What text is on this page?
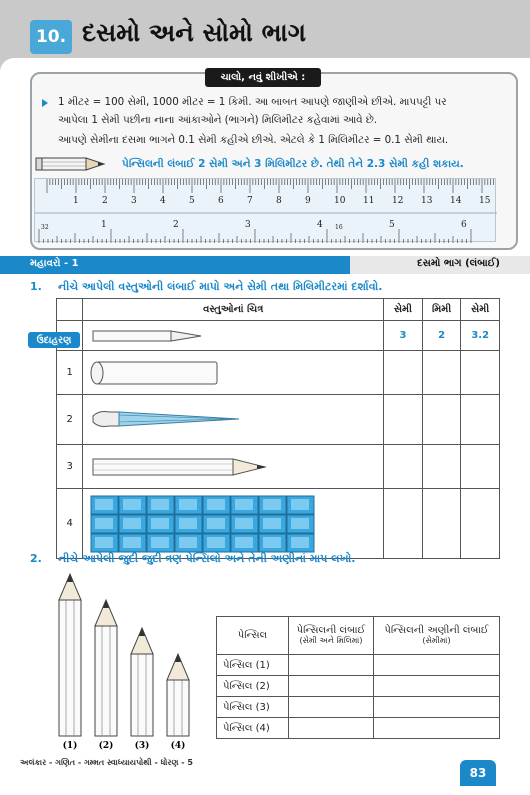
10. દસમો અને સોમો ભાગ
ચાલો, નવું શીખીએ :
1 મીટર = 100 સેમી, 1000 મીટર = 1 કિમી. આ બાબત આપણે જાણીએ છીએ. માપપટ્ટી પર
આપેલા 1 સેમી પછીના નાના આંકાઓને (ભાગને) મિલિમીટર કહેવામાં આવે છે.
આપણે સેમીના દસમા ભાગને 0.1 સેમી કહીએ છીએ. એટલે કે 1 મિલિમીટર = 0.1 સેમી થાય.
1	2	3	4	5	6	7	8	9	10 11 12 13 14 15
1	2	3	4	5	6
32	16
પેન્સિલની લંબાઈ 2 સેમી અને 3 મિલિમીટર છે. તેથી તેને 2.3 સેમી કહી શકાય.
મહાવરો - 1	દસમો ભાગ (લંબાઈ)
1. નીચે આપેલી વસ્તુઓની લંબાઈ માપો અને સેમી તથા મિલિમીટરમાં દર્શાવો.
	વસ્તુઓનાં ચિત્ર	સેમી	મિમી	સેમી

	3	2	3.2
1	

2	

3	

4	

ઉદાહરણ
2. નીચે આપેલી જુદી જુદી ત્રણ પેન્સિલો અને તેની અણીનાં માપ લખો.
(1) (2) (3) (4)
પેન્સિલ	પેન્સિલની લંબાઈ
(સેમી અને મિલિમાં)	પેન્સિલની અણીની લંબાઈ
(સેમીમાં)

પેન્સિલ (1)		
પેન્સિલ (2)		
પેન્સિલ (3)		
પેન્સિલ (4)		
અલંકાર - ગણિત - ગમ્મત સ્વાધ્યાયપોથી - ધોરણ - 5
83
